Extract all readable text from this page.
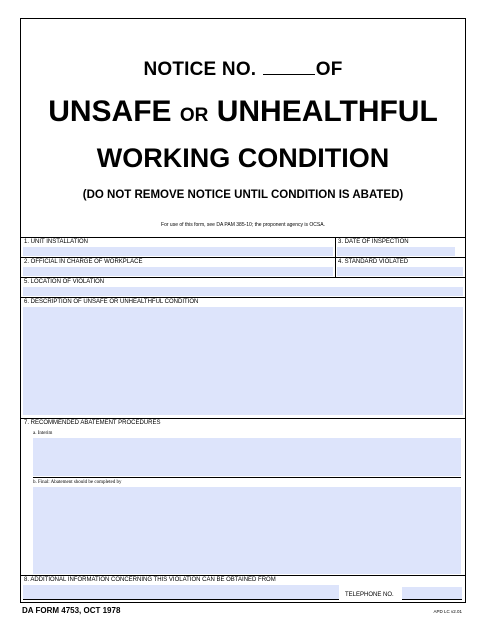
NOTICE NO.	OF
UNSAFE OR UNHEALTHFUL
WORKING CONDITION
(DO NOT REMOVE NOTICE UNTIL CONDITION IS ABATED)
For use of this form, see DA PAM 385-10; the proponent agency is OCSA.
1. UNIT INSTALLATION	3. DATE OF INSPECTION
2. OFFICIAL IN CHARGE OF WORKPLACE	4. STANDARD VIOLATED
5. LOCATION OF VIOLATION
6. DESCRIPTION OF UNSAFE OR UNHEALTHFUL CONDITION
7. RECOMMENDED ABATEMENT PROCEDURES
a. Interim
b. Final: Abatement should be completed by
8. ADDITIONAL INFORMATION CONCERNING THIS VIOLATION CAN BE OBTAINED FROM
TELEPHONE NO.
DA FORM 4753, OCT 1978	APD LC v2.01
